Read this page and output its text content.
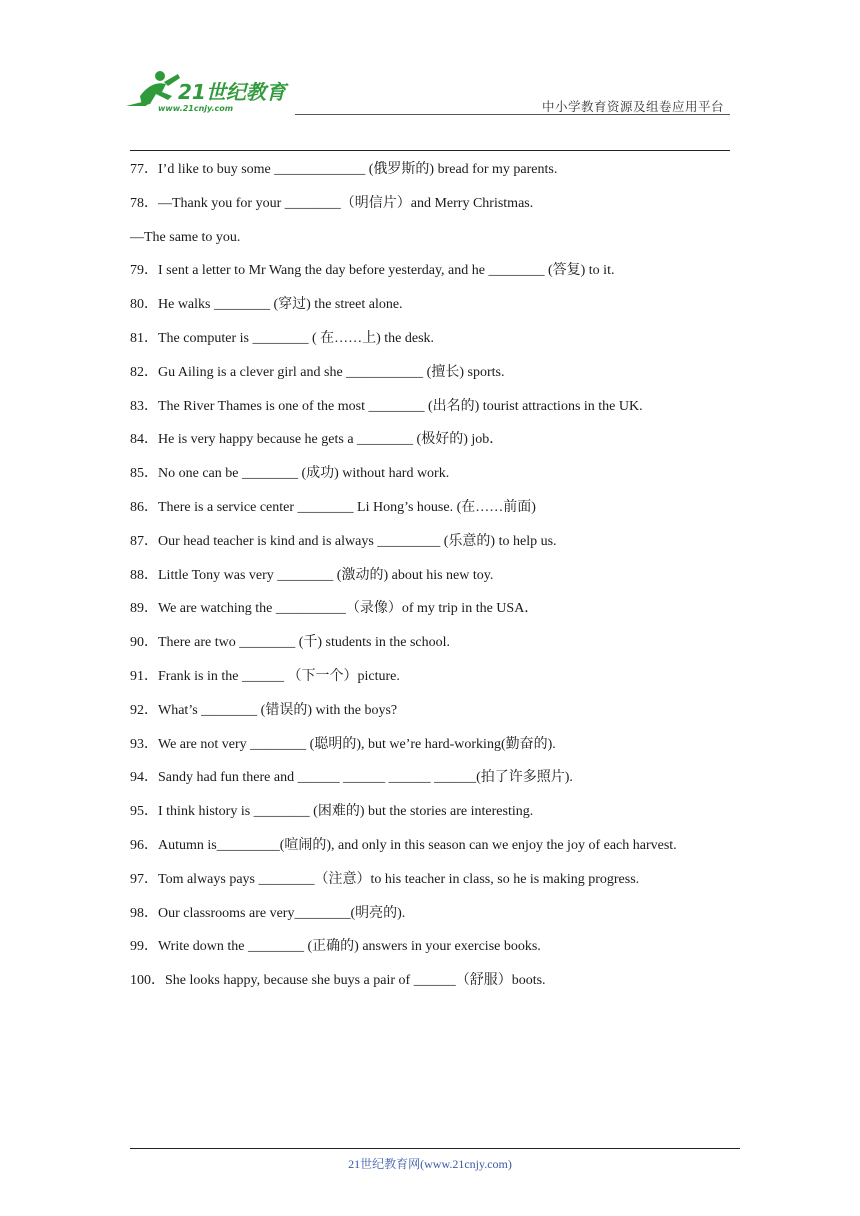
21世纪教育
www.21cnjy.com	中小学教育资源及组卷应用平台
77．I’d like to buy some _____________ (俄罗斯的) bread for my parents.
78．—Thank you for your ________（明信片）and Merry Christmas.
—The same to you.
79．I sent a letter to Mr Wang the day before yesterday, and he ________ (答复) to it.
80．He walks ________ (穿过) the street alone.
81．The computer is ________ ( 在……上) the desk.
82．Gu Ailing is a clever girl and she ___________ (擅长) sports.
83．The River Thames is one of the most ________ (出名的) tourist attractions in the UK.
84．He is very happy because he gets a ________ (极好的) job．
85．No one can be ________ (成功) without hard work.
86．There is a service center ________ Li Hong’s house. (在……前面)
87．Our head teacher is kind and is always _________ (乐意的) to help us.
88．Little Tony was very ________ (激动的) about his new toy.
89．We are watching the __________（录像）of my trip in the USA．
90．There are two ________ (千) students in the school.
91．Frank is in the ______ （下一个）picture.
92．What’s ________ (错误的) with the boys?
93．We are not very ________ (聪明的), but we’re hard-working(勤奋的).
94．Sandy had fun there and ______ ______ ______ ______(拍了许多照片).
95．I think history is ________ (困难的) but the stories are interesting.
96．Autumn is_________(喧闹的), and only in this season can we enjoy the joy of each harvest.
97．Tom always pays ________（注意）to his teacher in class, so he is making progress.
98．Our classrooms are very________(明亮的).
99．Write down the ________ (正确的) answers in your exercise books.
100．She looks happy, because she buys a pair of ______（舒服）boots.
21世纪教育网(www.21cnjy.com)
